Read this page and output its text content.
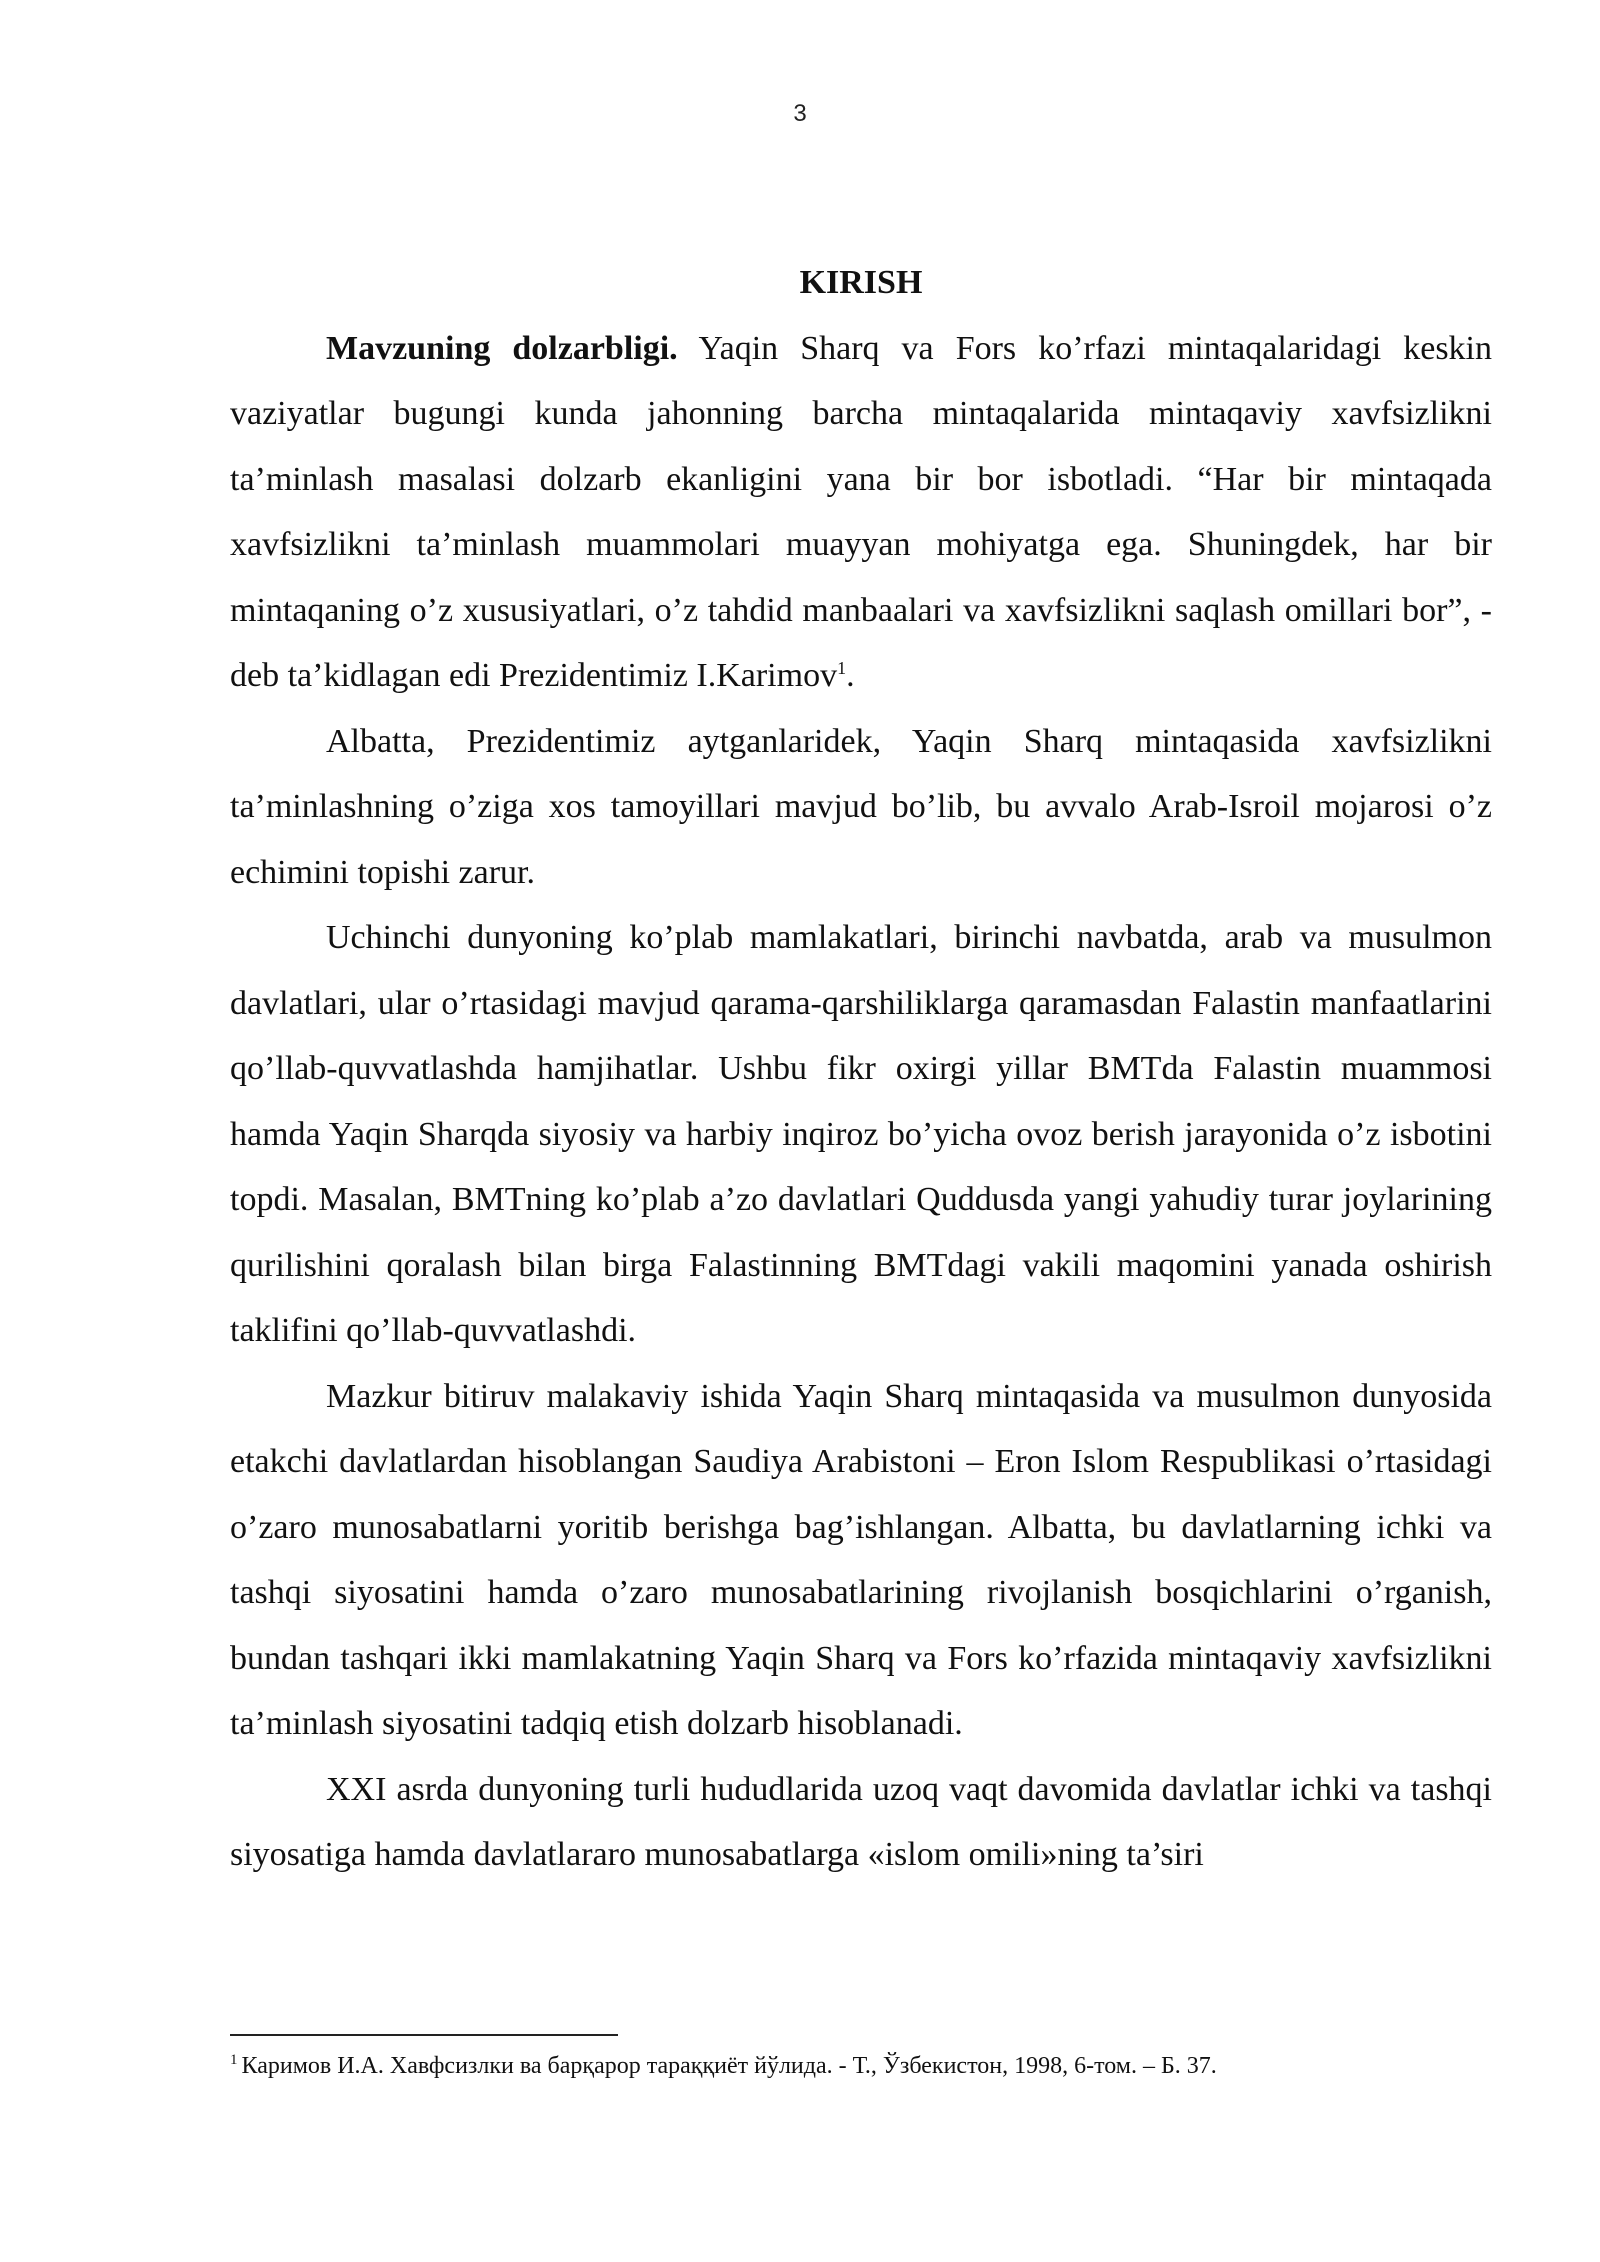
3
KIRISH

Mavzuning dolzarbligi. Yaqin Sharq va Fors ko’rfazi mintaqalaridagi keskin vaziyatlar bugungi kunda jahonning barcha mintaqalarida mintaqaviy xavfsizlikni ta’minlash masalasi dolzarb ekanligini yana bir bor isbotladi. “Har bir mintaqada xavfsizlikni ta’minlash muammolari muayyan mohiyatga ega. Shuningdek, har bir mintaqaning o’z xususiyatlari, o’z tahdid manbaalari va xavfsizlikni saqlash omillari bor”, - deb ta’kidlagan edi Prezidentimiz I.Karimov$^1$.

Albatta, Prezidentimiz aytganlaridek, Yaqin Sharq mintaqasida xavfsizlikni ta’minlashning o’ziga xos tamoyillari mavjud bo’lib, bu avvalo Arab-Isroil mojarosi o’z echimini topishi zarur.

Uchinchi dunyoning ko’plab mamlakatlari, birinchi navbatda, arab va musulmon davlatlari, ular o’rtasidagi mavjud qarama-qarshiliklarga qaramasdan Falastin manfaatlarini qo’llab-quvvatlashda hamjihatlar. Ushbu fikr oxirgi yillar BMTda Falastin muammosi hamda Yaqin Sharqda siyosiy va harbiy inqiroz bo’yicha ovoz berish jarayonida o’z isbotini topdi. Masalan, BMTning ko’plab a’zo davlatlari Quddusda yangi yahudiy turar joylarining qurilishini qoralash bilan birga Falastinning BMTdagi vakili maqomini yanada oshirish taklifini qo’llab-quvvatlashdi.

Mazkur bitiruv malakaviy ishida Yaqin Sharq mintaqasida va musulmon dunyosida etakchi davlatlardan hisoblangan Saudiya Arabistoni – Eron Islom Respublikasi o’rtasidagi o’zaro munosabatlarni yoritib berishga bag’ishlangan. Albatta, bu davlatlarning ichki va tashqi siyosatini hamda o’zaro munosabatlarining rivojlanish bosqichlarini o’rganish, bundan tashqari ikki mamlakatning Yaqin Sharq va Fors ko’rfazida mintaqaviy xavfsizlikni ta’minlash siyosatini tadqiq etish dolzarb hisoblanadi.

XXI asrda dunyoning turli hududlarida uzoq vaqt davomida davlatlar ichki va tashqi siyosatiga hamda davlatlararo munosabatlarga «islom omili»ning ta’siri

$^1$ Каримов И.А. Хавфсизлки ва барқарор тараққиёт йўлида. - Т., Ўзбекистон, 1998, 6-том. – Б. 37.
